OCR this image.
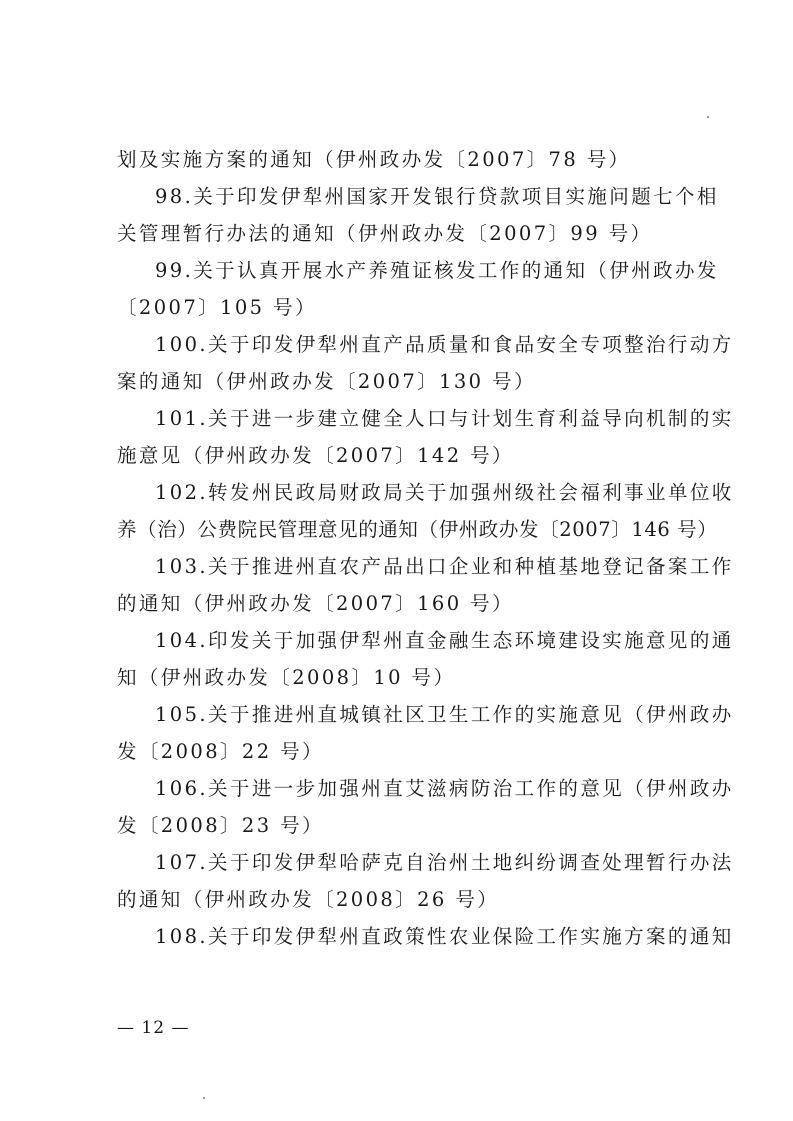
划及实施方案的通知（伊州政办发〔2007〕78 号）
98.关于印发伊犁州国家开发银行贷款项目实施问题七个相
关管理暂行办法的通知（伊州政办发〔2007〕99 号）
99.关于认真开展水产养殖证核发工作的通知（伊州政办发
〔2007〕105 号）
100.关于印发伊犁州直产品质量和食品安全专项整治行动方
案的通知（伊州政办发〔2007〕130 号）
101.关于进一步建立健全人口与计划生育利益导向机制的实
施意见（伊州政办发〔2007〕142 号）
102.转发州民政局财政局关于加强州级社会福利事业单位收
养（治）公费院民管理意见的通知（伊州政办发〔2007〕146 号）
103.关于推进州直农产品出口企业和种植基地登记备案工作
的通知（伊州政办发〔2007〕160 号）
104.印发关于加强伊犁州直金融生态环境建设实施意见的通
知（伊州政办发〔2008〕10 号）
105.关于推进州直城镇社区卫生工作的实施意见（伊州政办
发〔2008〕22 号）
106.关于进一步加强州直艾滋病防治工作的意见（伊州政办
发〔2008〕23 号）
107.关于印发伊犁哈萨克自治州土地纠纷调查处理暂行办法
的通知（伊州政办发〔2008〕26 号）
108.关于印发伊犁州直政策性农业保险工作实施方案的通知
— 12 —
